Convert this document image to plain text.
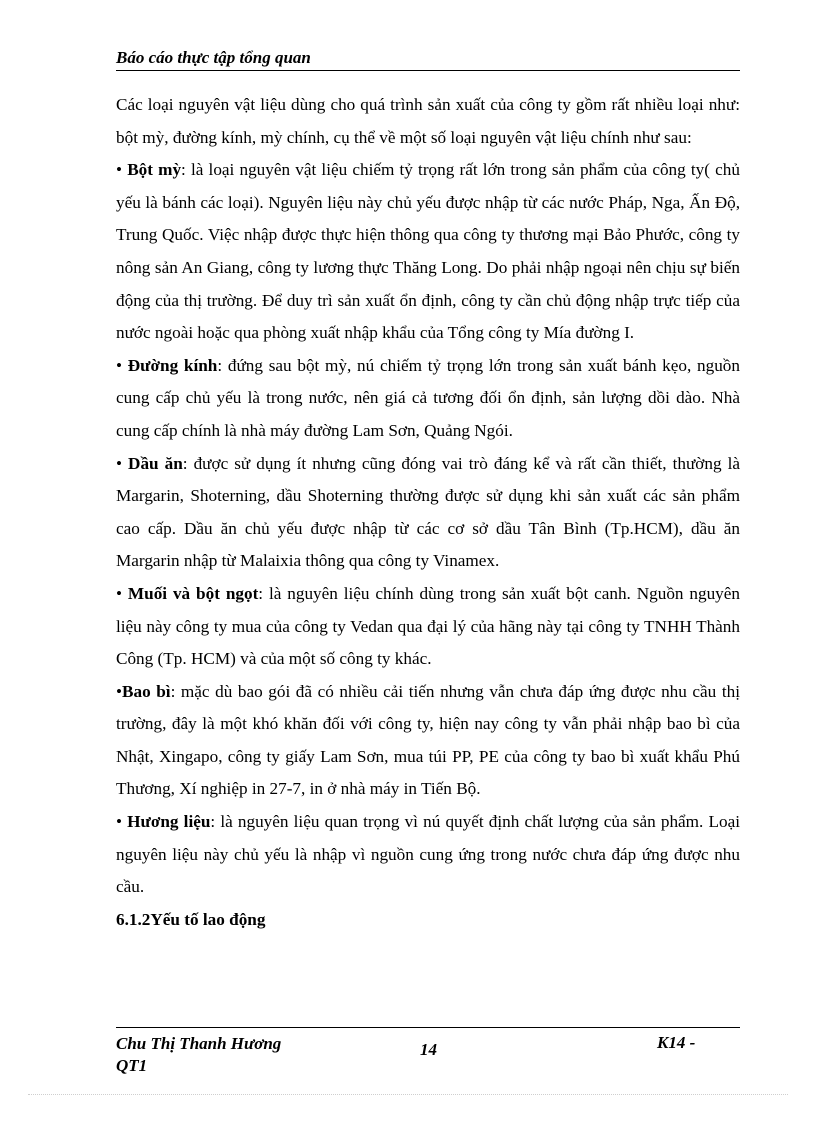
Báo cáo thực tập tổng quan

Các loại nguyên vật liệu dùng cho quá trình sản xuất của công ty gồm rất nhiều loại như: bột mỳ, đường kính, mỳ chính, cụ thể về một số loại nguyên vật liệu chính như sau:

• Bột mỳ: là loại nguyên vật liệu chiếm tỷ trọng rất lớn trong sản phẩm của công ty( chủ yếu là bánh các loại). Nguyên liệu này chủ yếu được nhập từ các nước Pháp, Nga, Ấn Độ, Trung Quốc. Việc nhập được thực hiện thông qua công ty thương mại Bảo Phước, công ty nông sản An Giang, công ty lương thực Thăng Long. Do phải nhập ngoại nên chịu sự biến động của thị trường. Để duy trì sản xuất ổn định, công ty cần chủ động nhập trực tiếp của nước ngoài hoặc qua phòng xuất nhập khẩu của Tổng công ty Mía đường I.

• Đường kính: đứng sau bột mỳ, nú chiếm tỷ trọng lớn trong sản xuất bánh kẹo, nguồn cung cấp chủ yếu là trong nước, nên giá cả tương đối ổn định, sản lượng dồi dào. Nhà cung cấp chính là nhà máy đường Lam Sơn, Quảng Ngói.

• Dầu ăn: được sử dụng ít nhưng cũng đóng vai trò đáng kể và rất cần thiết, thường là Margarin, Shoterning, dầu Shoterning thường được sử dụng khi sản xuất các sản phẩm cao cấp. Dầu ăn chủ yếu được nhập từ các cơ sở dầu Tân Bình (Tp.HCM), dầu ăn Margarin nhập từ Malaixia thông qua công ty Vinamex.

• Muối và bột ngọt: là nguyên liệu chính dùng trong sản xuất bột canh. Nguồn nguyên liệu này công ty mua của công ty Vedan qua đại lý của hãng này tại công ty TNHH Thành Công (Tp. HCM) và của một số công ty khác.

•Bao bì: mặc dù bao gói đã có nhiều cải tiến nhưng vẫn chưa đáp ứng được nhu cầu thị trường, đây là một khó khăn đối với công ty, hiện nay công ty vẫn phải nhập bao bì của Nhật, Xingapo, công ty giấy Lam Sơn, mua túi PP, PE của công ty bao bì xuất khẩu Phú Thương, Xí nghiệp in 27-7, in ở nhà máy in Tiến Bộ.

• Hương liệu: là nguyên liệu quan trọng vì nú quyết định chất lượng của sản phẩm. Loại nguyên liệu này chủ yếu là nhập vì nguồn cung ứng trong nước chưa đáp ứng được nhu cầu.

6.1.2Yếu tố lao động

Chu Thị Thanh Hương QT1
14	K14 -
